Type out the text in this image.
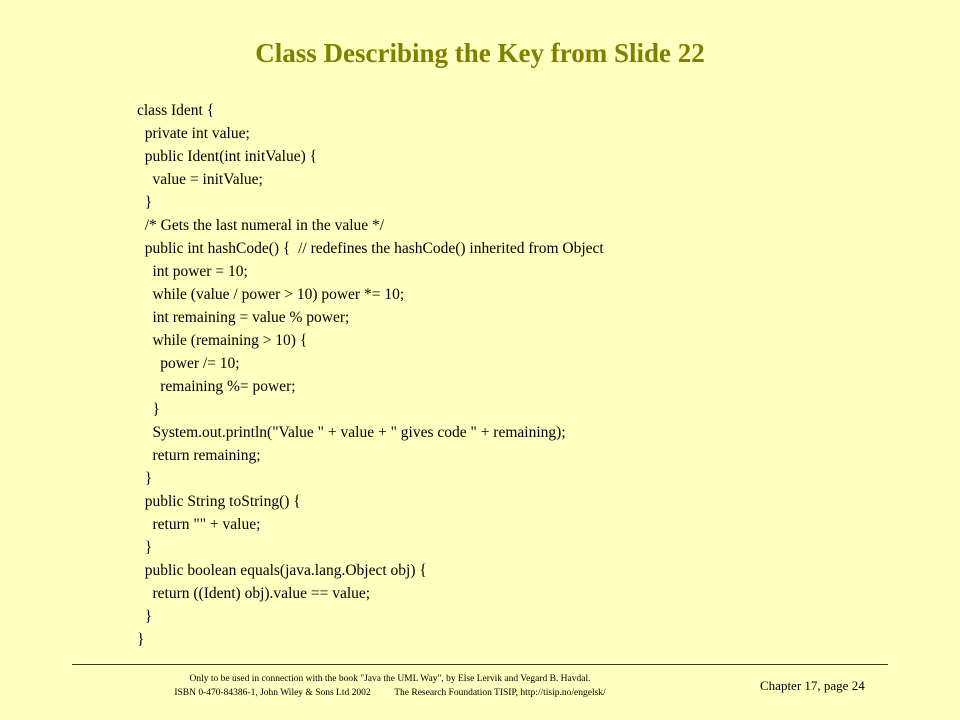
Class Describing the Key from Slide 22
class Ident {
private int value;
public Ident(int initValue) {
value = initValue;
}
/* Gets the last numeral in the value */
public int hashCode() {  // redefines the hashCode() inherited from Object
int power = 10;
while (value / power > 10) power *= 10;
int remaining = value % power;
while (remaining > 10) {
power /= 10;
remaining %= power;
}
System.out.println("Value " + value + " gives code " + remaining);
return remaining;
}
public String toString() {
return "" + value;
}
public boolean equals(java.lang.Object obj) {
return ((Ident) obj).value == value;
}
}
Only to be used in connection with the book "Java the UML Way", by Else Lervik and Vegard B. Havdal.
ISBN 0-470-84386-1, John Wiley & Sons Ltd 2002 The Research Foundation TISIP, http://tisip.no/engelsk/	Chapter 17, page 24
